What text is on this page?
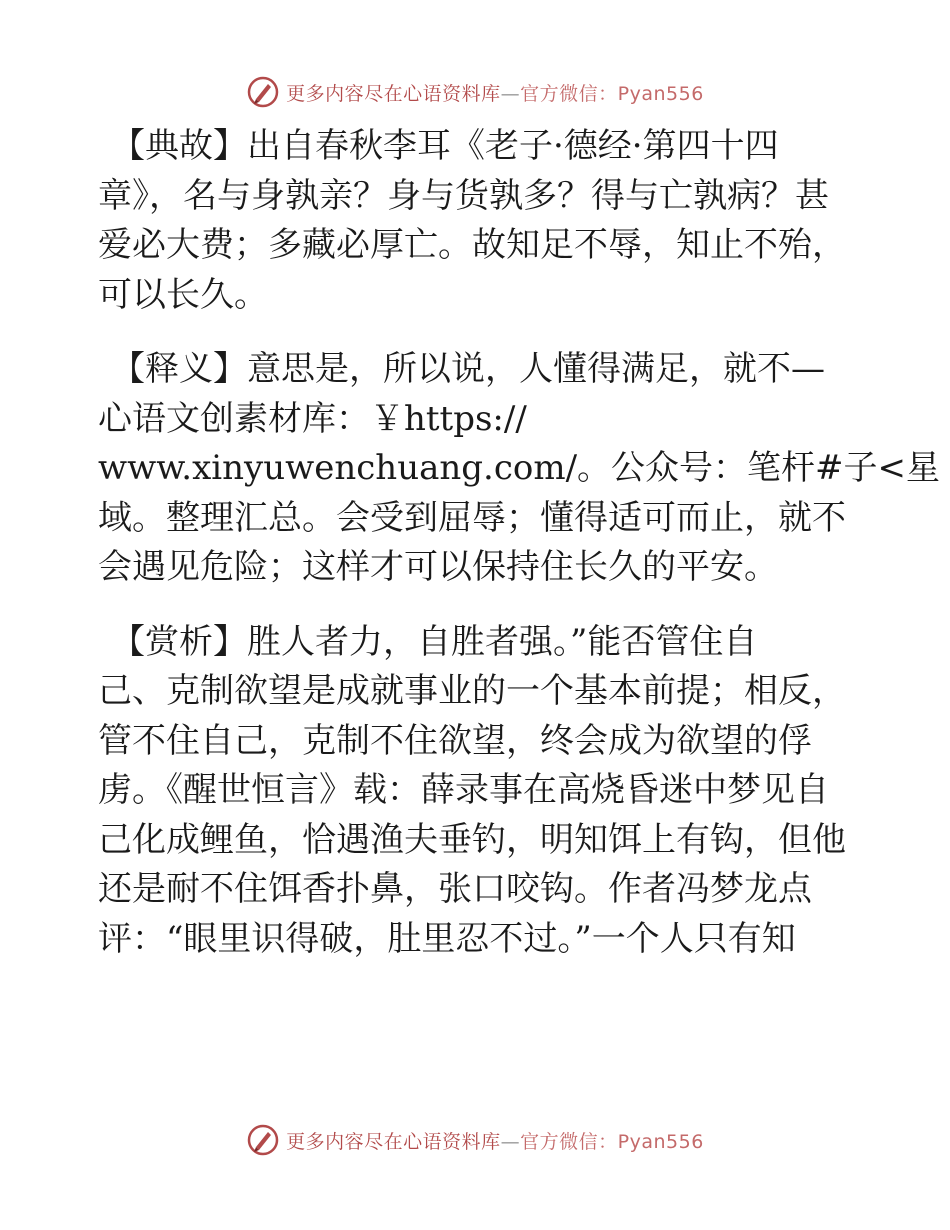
更多内容尽在心语资料库—官方微信：Pyan556
【典故】出自春秋李耳《老子·德经·第四十四
章》，名与身孰亲？身与货孰多？得与亡孰病？甚
爱必大费；多藏必厚亡。故知足不辱，知止不殆，
可以长久。
【释义】意思是，所以说，人懂得满足，就不—
心语文创素材库：￥https://
www.xinyuwenchuang.com/。公众号：笔杆#子<星
域。整理汇总。会受到屈辱；懂得适可而止，就不
会遇见危险；这样才可以保持住长久的平安。
【赏析】胜人者力，自胜者强。”能否管住自
己、克制欲望是成就事业的一个基本前提；相反，
管不住自己，克制不住欲望，终会成为欲望的俘
虏。《醒世恒言》载：薛录事在高烧昏迷中梦见自
己化成鲤鱼，恰遇渔夫垂钓，明知饵上有钩，但他
还是耐不住饵香扑鼻，张口咬钩。作者冯梦龙点
评：“眼里识得破，肚里忍不过。”一个人只有知
更多内容尽在心语资料库—官方微信：Pyan556
